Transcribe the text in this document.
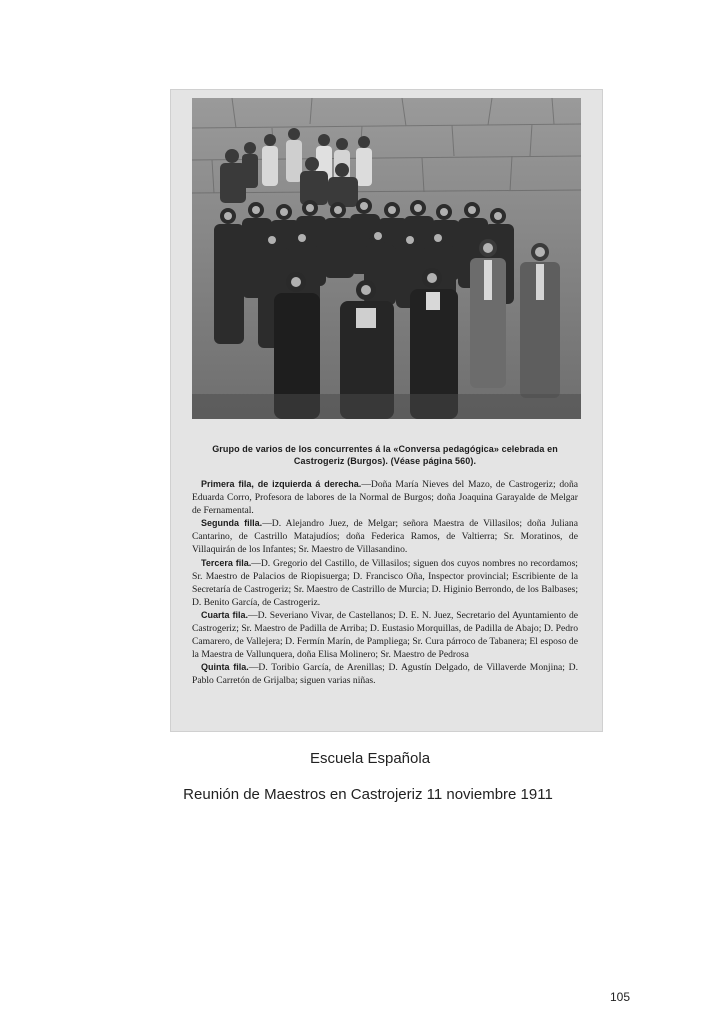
Grupo de varios de los concurrentes á la «Conversa pedagógica» celebrada en Castrogeriz (Burgos). (Véase página 560).

Primera fila, de izquierda á derecha.—Doña María Nieves del Mazo, de Castrogeriz; doña Eduarda Corro, Profesora de labores de la Normal de Burgos; doña Joaquina Garayalde de Melgar de Fernamental.

Segunda filla.—D. Alejandro Juez, de Melgar; señora Maestra de Villasilos; doña Juliana Cantarino, de Castrillo Matajudíos; doña Federica Ramos, de Valtierra; Sr. Moratinos, de Villaquirán de los Infantes; Sr. Maestro de Villasandino.

Tercera fila.—D. Gregorio del Castillo, de Villasilos; siguen dos cuyos nombres no recordamos; Sr. Maestro de Palacios de Riopisuerga; D. Francisco Oña, Inspector provincial; Escribiente de la Secretaría de Castrogeriz; Sr. Maestro de Castrillo de Murcia; D. Higinio Berrondo, de los Balbases; D. Benito García, de Castrogeriz.

Cuarta fila.—D. Severiano Vivar, de Castellanos; D. E. N. Juez, Secretario del Ayuntamiento de Castrogeriz; Sr. Maestro de Padilla de Arriba; D. Eustasio Morquillas, de Padilla de Abajo; D. Pedro Camarero, de Vallejera; D. Fermín Marín, de Pampliega; Sr. Cura párroco de Tabanera; El esposo de la Maestra de Vallunquera, doña Elisa Molinero; Sr. Maestro de Pedrosa

Quinta fila.—D. Toribio García, de Arenillas; D. Agustín Delgado, de Villaverde Monjina; D. Pablo Carretón de Grijalba; siguen varias niñas.

Escuela Española
Reunión de Maestros en Castrojeriz 11 noviembre 1911
105
